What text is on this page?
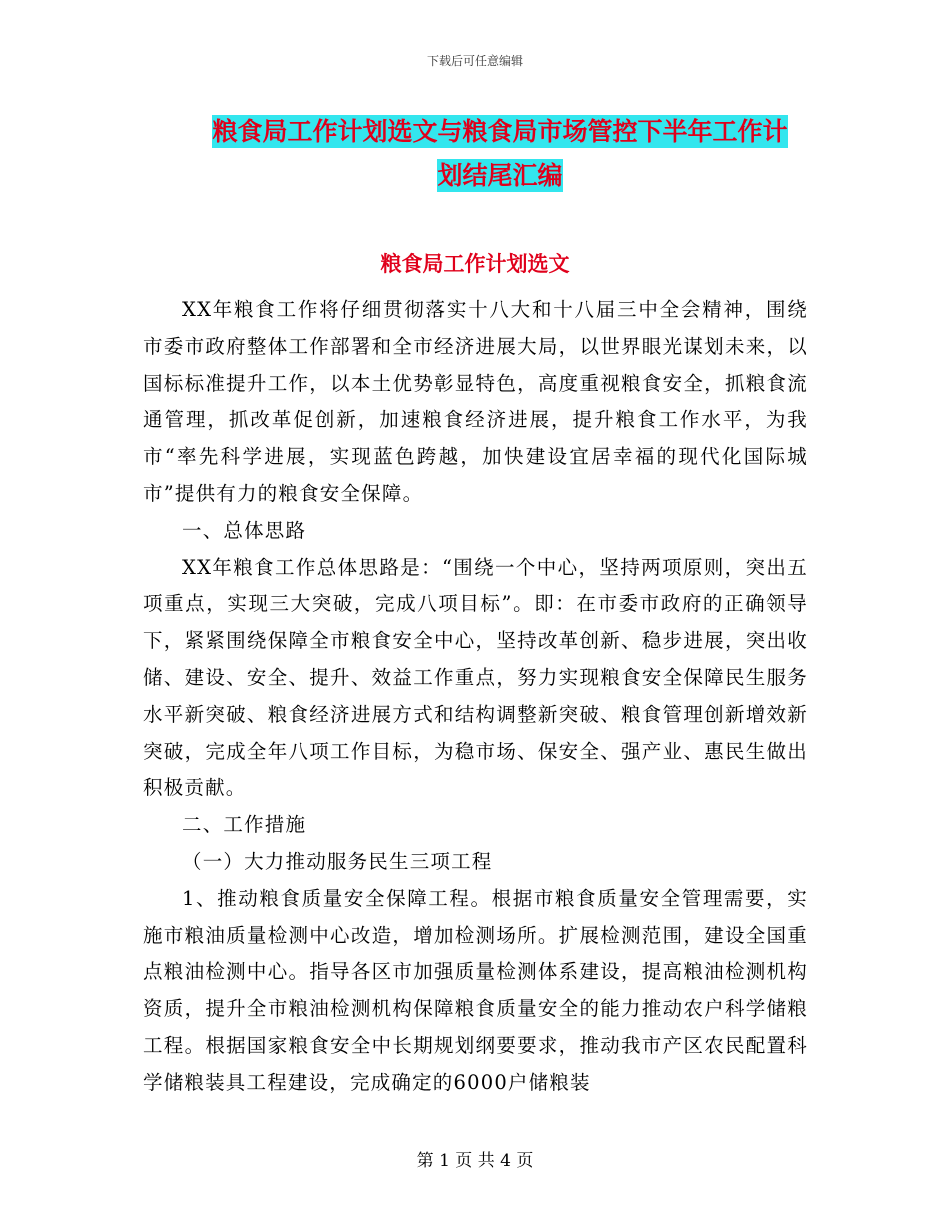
下载后可任意编辑
粮食局工作计划选文与粮食局市场管控下半年工作计
划结尾汇编
粮食局工作计划选文

XX年粮食工作将仔细贯彻落实十八大和十八届三中全会精神，围绕市委市政府整体工作部署和全市经济进展大局，以世界眼光谋划未来，以国标标准提升工作，以本土优势彰显特色，高度重视粮食安全，抓粮食流通管理，抓改革促创新，加速粮食经济进展，提升粮食工作水平，为我市“率先科学进展，实现蓝色跨越，加快建设宜居幸福的现代化国际城市”提供有力的粮食安全保障。

一、总体思路

XX年粮食工作总体思路是：“围绕一个中心，坚持两项原则，突出五项重点，实现三大突破，完成八项目标”。即：在市委市政府的正确领导下，紧紧围绕保障全市粮食安全中心，坚持改革创新、稳步进展，突出收储、建设、安全、提升、效益工作重点，努力实现粮食安全保障民生服务水平新突破、粮食经济进展方式和结构调整新突破、粮食管理创新增效新突破，完成全年八项工作目标，为稳市场、保安全、强产业、惠民生做出积极贡献。

二、工作措施

（一）大力推动服务民生三项工程

1、推动粮食质量安全保障工程。根据市粮食质量安全管理需要，实施市粮油质量检测中心改造，增加检测场所。扩展检测范围，建设全国重点粮油检测中心。指导各区市加强质量检测体系建设，提高粮油检测机构资质，提升全市粮油检测机构保障粮食质量安全的能力推动农户科学储粮工程。根据国家粮食安全中长期规划纲要要求，推动我市产区农民配置科学储粮装具工程建设，完成确定的6000户储粮装

第 1 页 共 4 页
